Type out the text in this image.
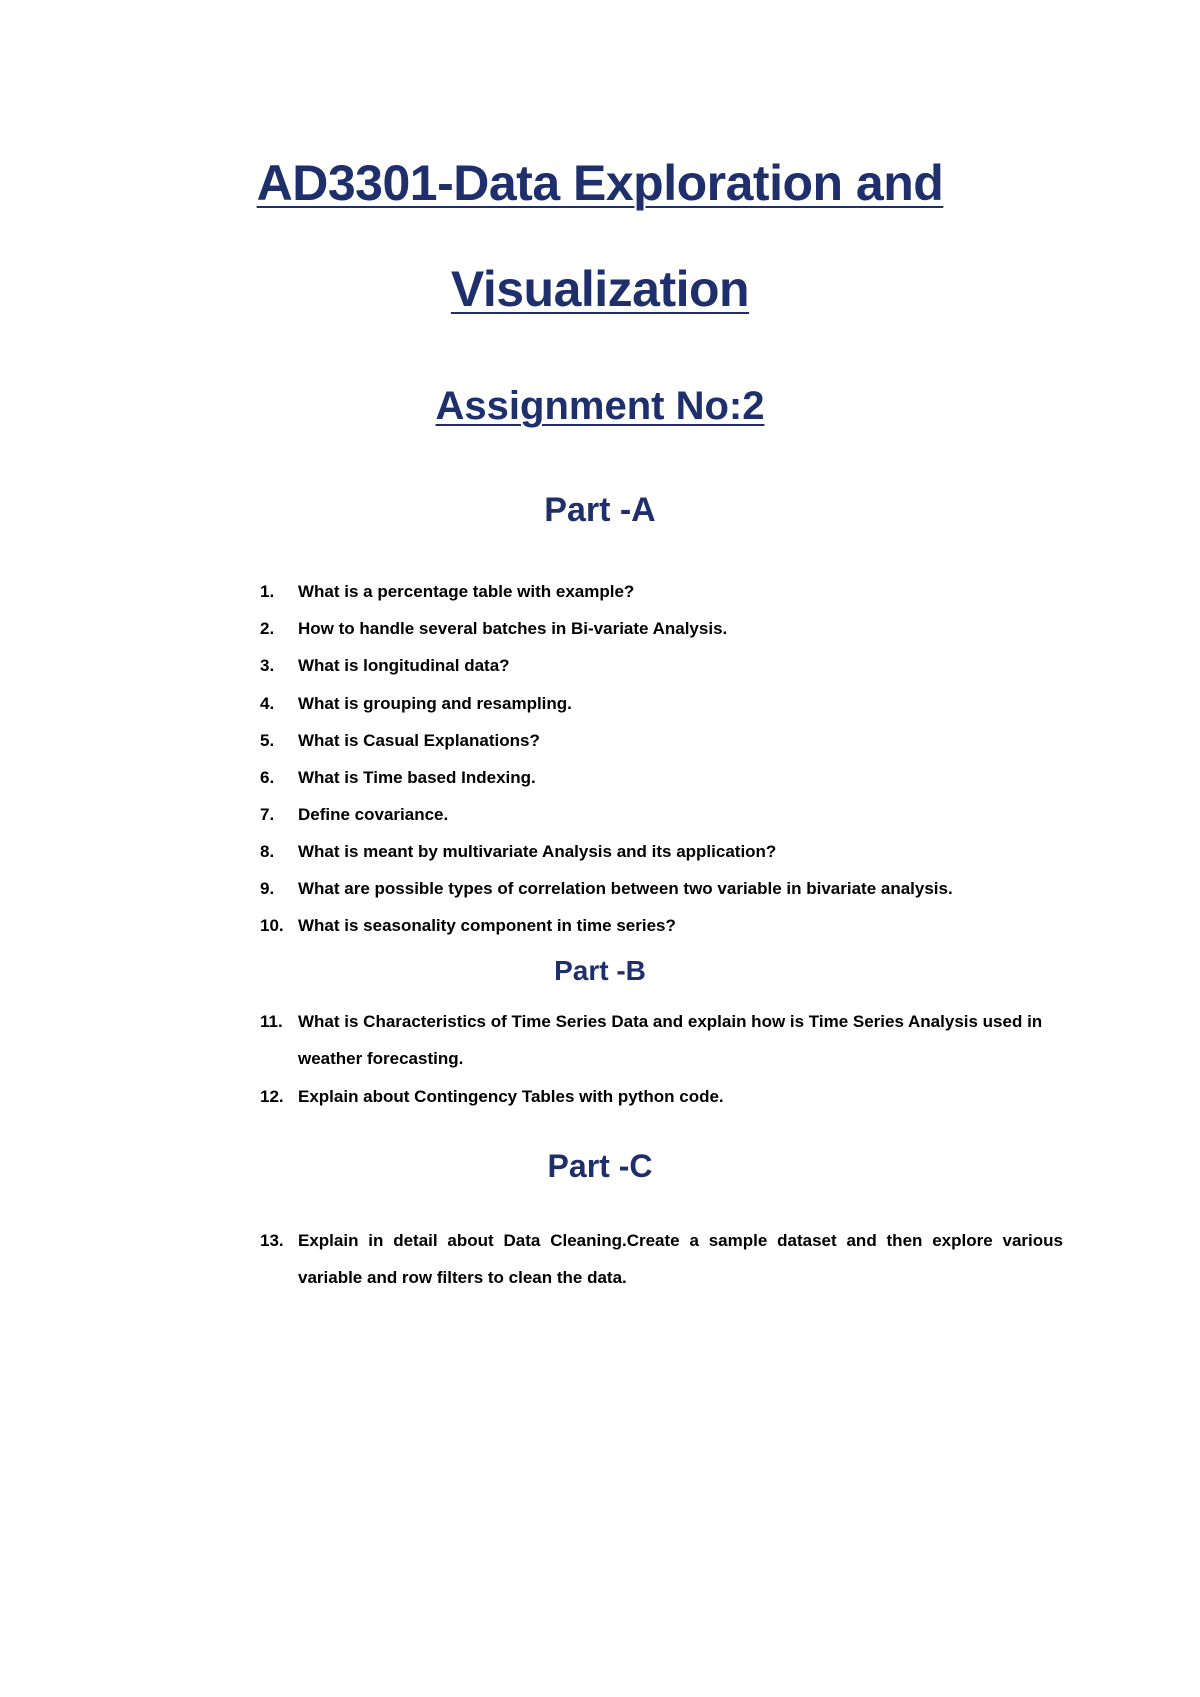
AD3301-Data Exploration and
Visualization
Assignment No:2
Part -A
1.	What is a percentage table with example?
2.	How to handle several batches in Bi-variate Analysis.
3.	What is longitudinal data?
4.	What is grouping and resampling.
5.	What is Casual Explanations?
6.	What is Time based Indexing.
7.	Define covariance.
8.	What is meant by multivariate Analysis and its application?
9.	What are possible types of correlation between two variable in bivariate analysis.
10. What is seasonality component in time series?
Part -B
11. What is Characteristics of Time Series Data and explain how is Time Series Analysis used in weather forecasting.
12. Explain about Contingency Tables with python code.
Part -C
13. Explain in detail about Data Cleaning.Create a sample dataset and then explore various variable and row filters to clean the data.
